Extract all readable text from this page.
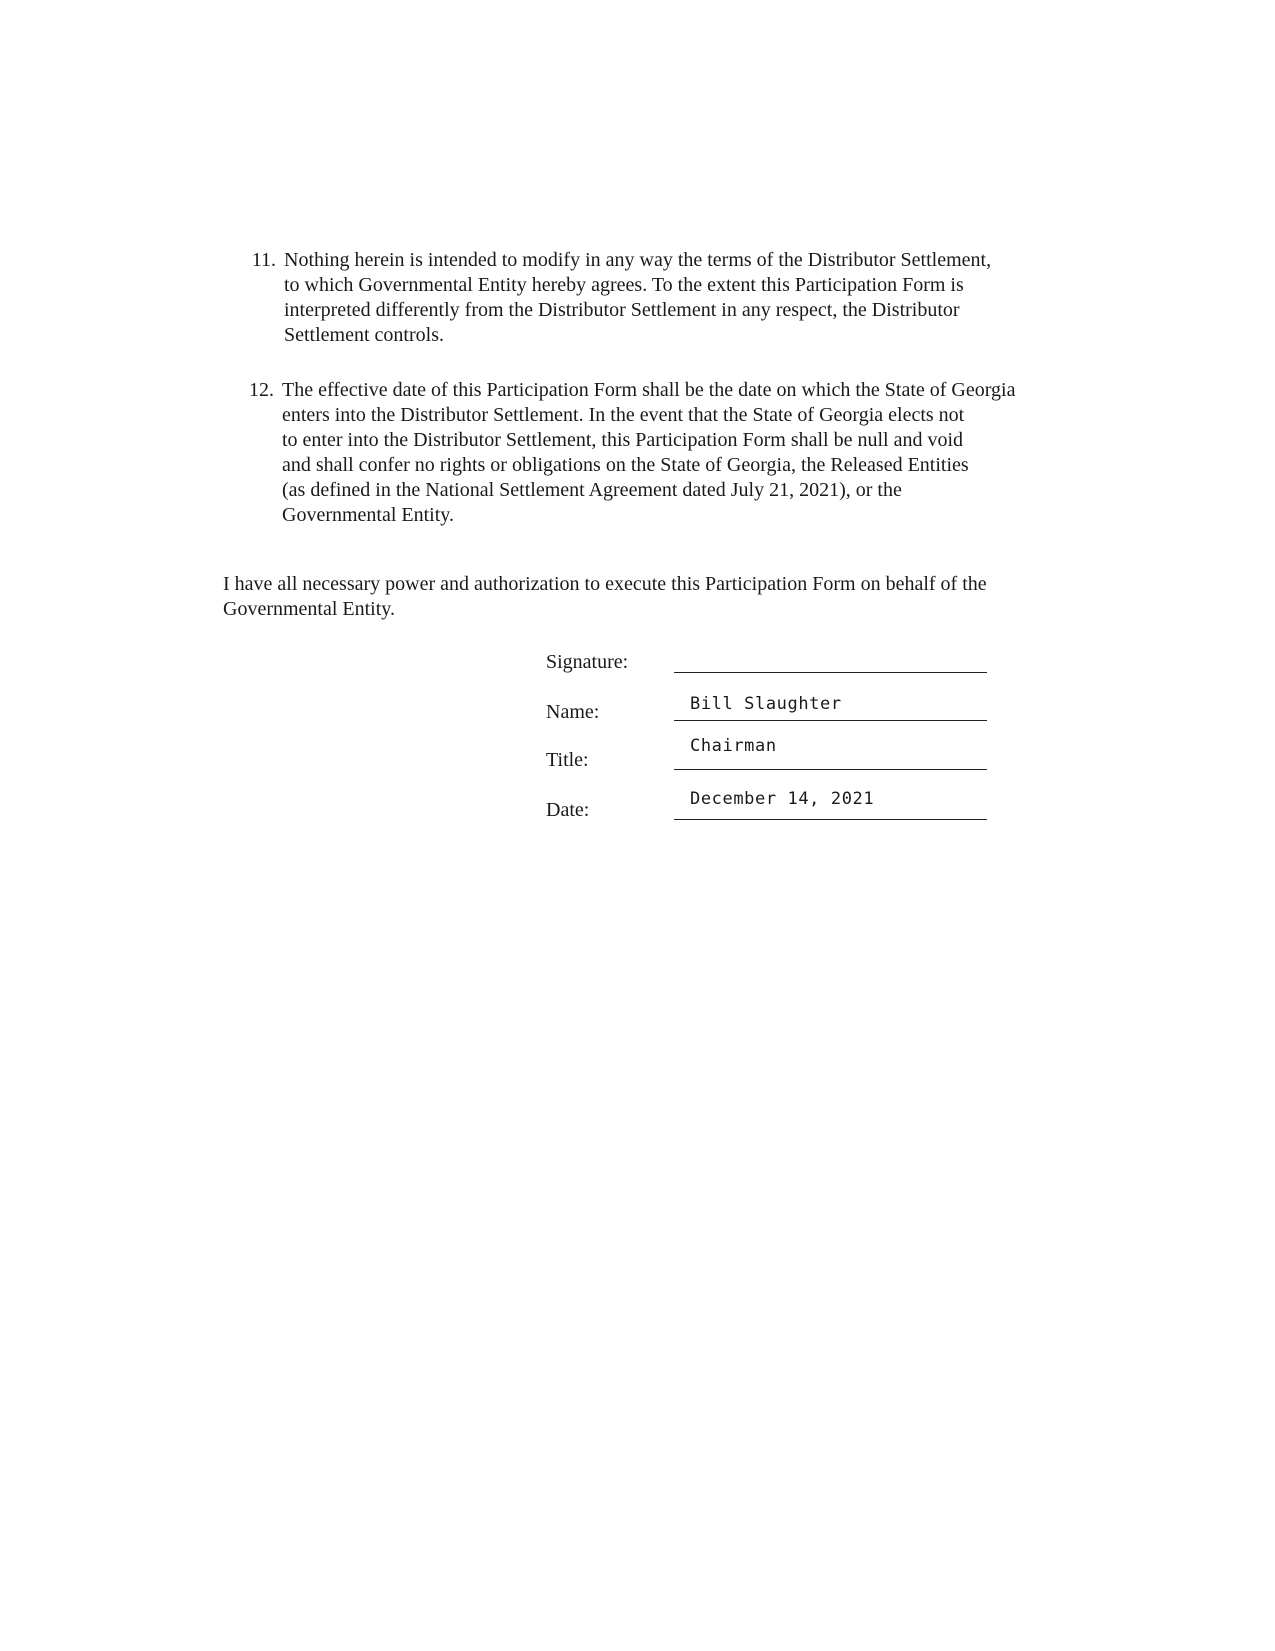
11. Nothing herein is intended to modify in any way the terms of the Distributor Settlement,
to which Governmental Entity hereby agrees. To the extent this Participation Form is
interpreted differently from the Distributor Settlement in any respect, the Distributor
Settlement controls.
12. The effective date of this Participation Form shall be the date on which the State of Georgia
enters into the Distributor Settlement. In the event that the State of Georgia elects not
to enter into the Distributor Settlement, this Participation Form shall be null and void
and shall confer no rights or obligations on the State of Georgia, the Released Entities
(as defined in the National Settlement Agreement dated July 21, 2021), or the
Governmental Entity.
I have all necessary power and authorization to execute this Participation Form on behalf of the
Governmental Entity.
Signature:
Name:	Bill Slaughter
Title:
Chairman
Date:	December 14, 2021
